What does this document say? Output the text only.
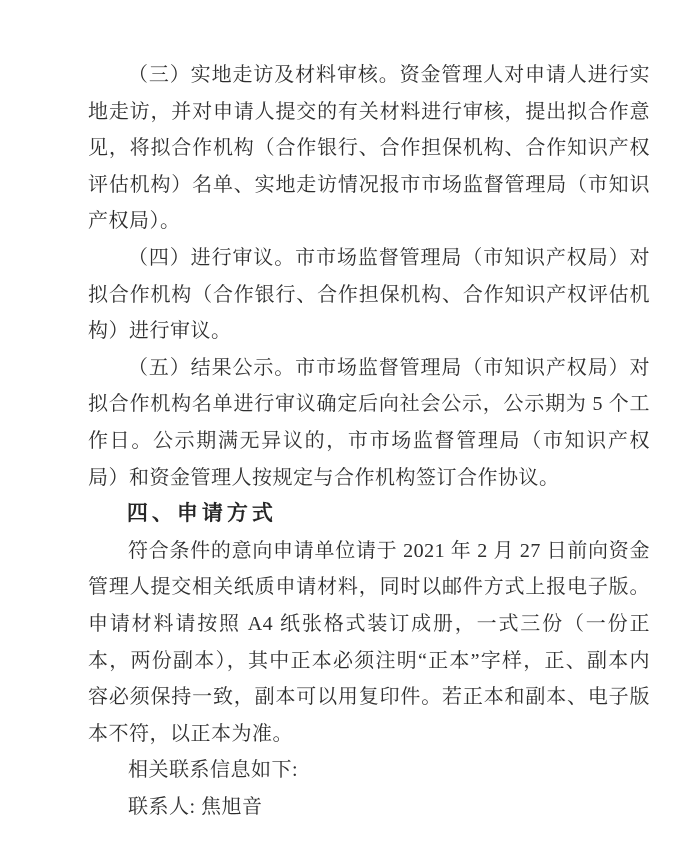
（三）实地走访及材料审核。资金管理人对申请人进行实地走访，并对申请人提交的有关材料进行审核，提出拟合作意见，将拟合作机构（合作银行、合作担保机构、合作知识产权评估机构）名单、实地走访情况报市市场监督管理局（市知识产权局）。

（四）进行审议。市市场监督管理局（市知识产权局）对拟合作机构（合作银行、合作担保机构、合作知识产权评估机构）进行审议。

（五）结果公示。市市场监督管理局（市知识产权局）对拟合作机构名单进行审议确定后向社会公示，公示期为 5 个工作日。公示期满无异议的，市市场监督管理局（市知识产权局）和资金管理人按规定与合作机构签订合作协议。

四、申请方式

符合条件的意向申请单位请于 2021 年 2 月 27 日前向资金管理人提交相关纸质申请材料，同时以邮件方式上报电子版。申请材料请按照 A4 纸张格式装订成册，一式三份（一份正本，两份副本），其中正本必须注明“正本”字样，正、副本内容必须保持一致，副本可以用复印件。若正本和副本、电子版本不符，以正本为准。

相关联系信息如下:

联系人: 焦旭音
